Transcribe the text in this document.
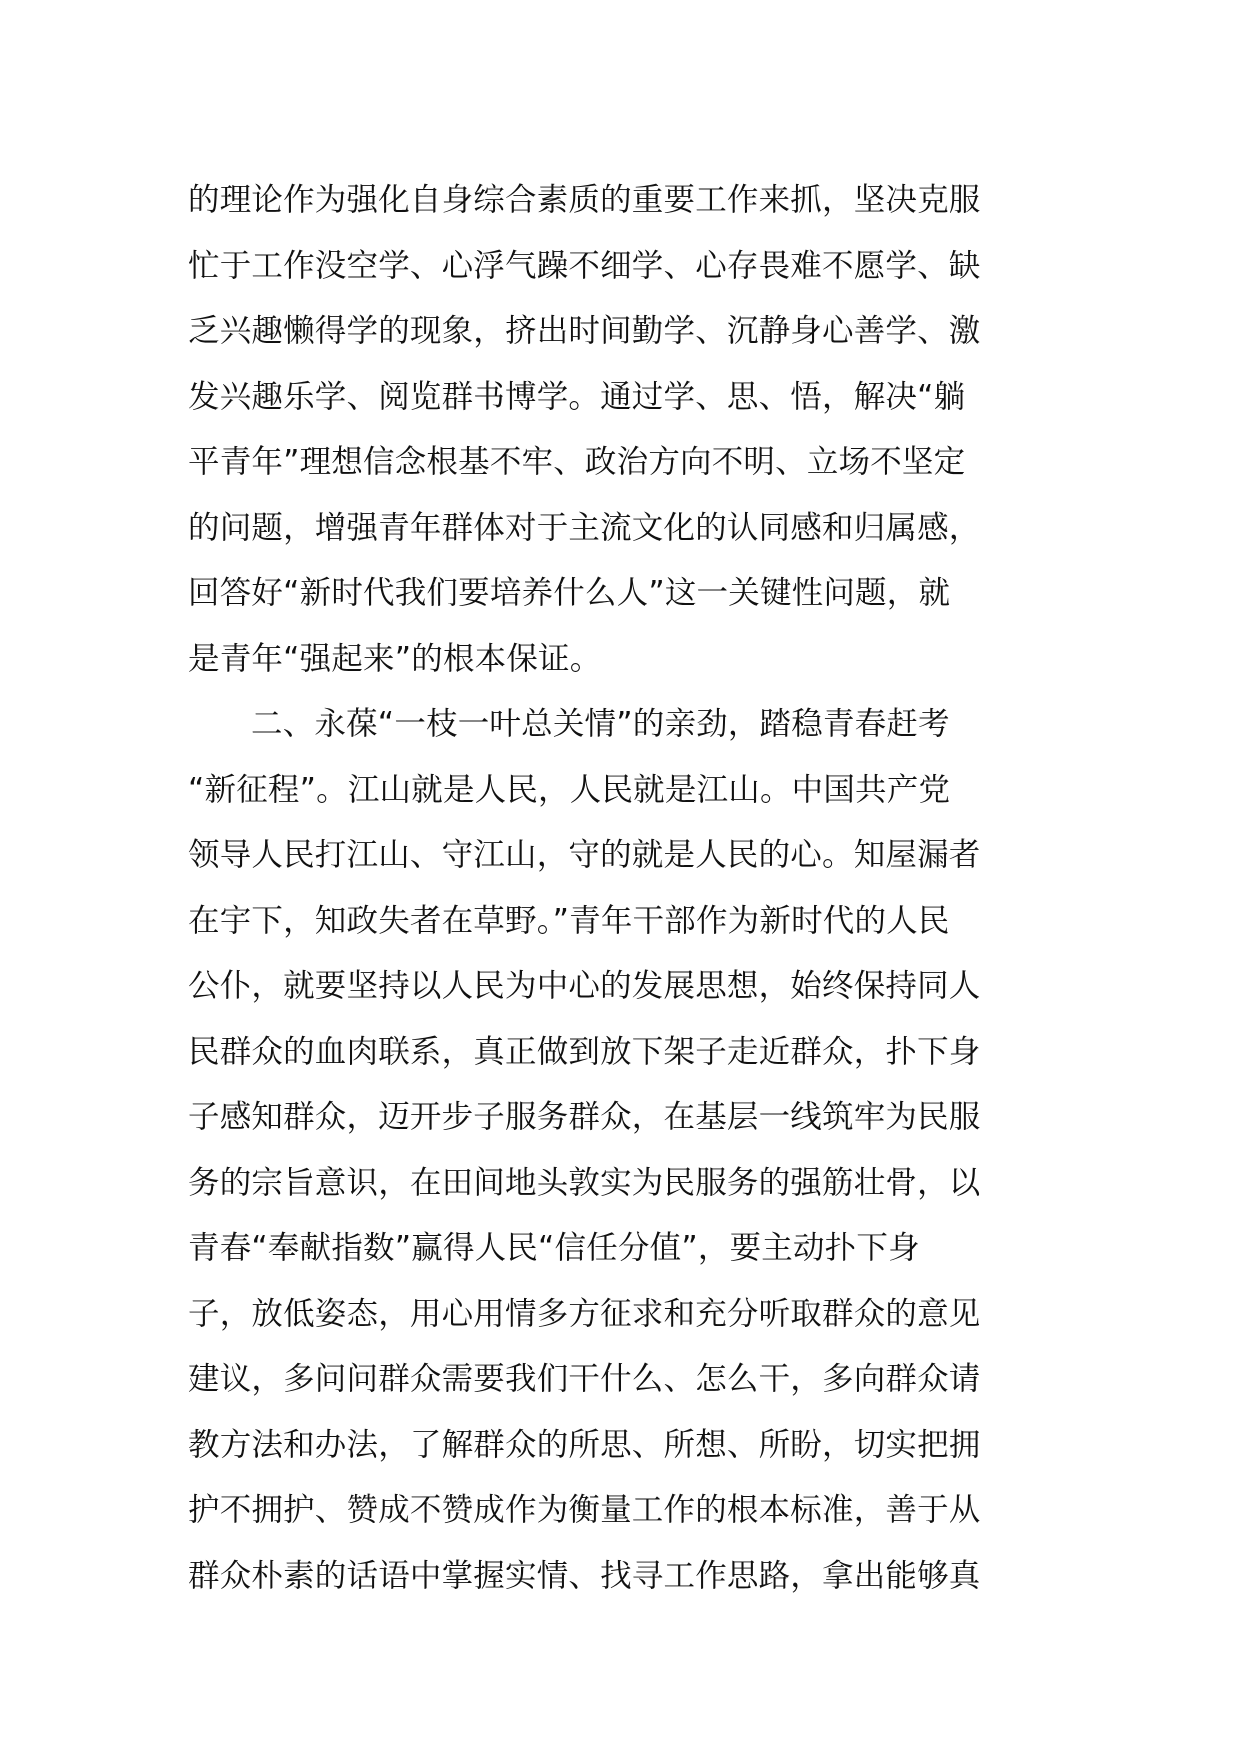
的理论作为强化自身综合素质的重要工作来抓，坚决克服
忙于工作没空学、心浮气躁不细学、心存畏难不愿学、缺
乏兴趣懒得学的现象，挤出时间勤学、沉静身心善学、激
发兴趣乐学、阅览群书博学。通过学、思、悟，解决“躺
平青年”理想信念根基不牢、政治方向不明、立场不坚定
的问题，增强青年群体对于主流文化的认同感和归属感，
回答好“新时代我们要培养什么人”这一关键性问题，就
是青年“强起来”的根本保证。
二、永葆“一枝一叶总关情”的亲劲，踏稳青春赶考
“新征程”。江山就是人民，人民就是江山。中国共产党
领导人民打江山、守江山，守的就是人民的心。知屋漏者
在宇下，知政失者在草野。”青年干部作为新时代的人民
公仆，就要坚持以人民为中心的发展思想，始终保持同人
民群众的血肉联系，真正做到放下架子走近群众，扑下身
子感知群众，迈开步子服务群众，在基层一线筑牢为民服
务的宗旨意识，在田间地头敦实为民服务的强筋壮骨，以
青春“奉献指数”赢得人民“信任分值”，要主动扑下身
子，放低姿态，用心用情多方征求和充分听取群众的意见
建议，多问问群众需要我们干什么、怎么干，多向群众请
教方法和办法，了解群众的所思、所想、所盼，切实把拥
护不拥护、赞成不赞成作为衡量工作的根本标准，善于从
群众朴素的话语中掌握实情、找寻工作思路，拿出能够真
